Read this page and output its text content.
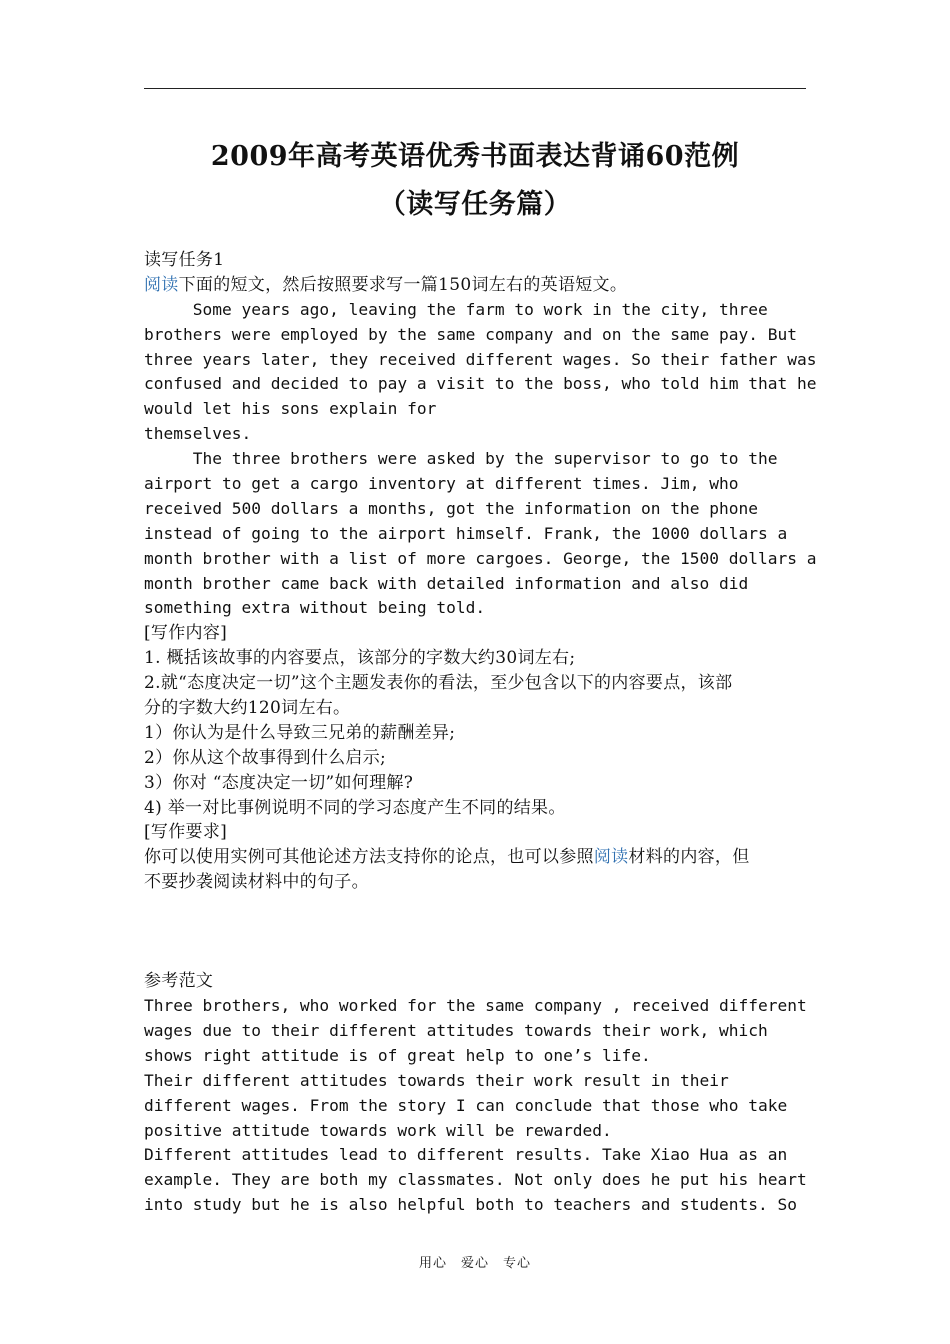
2009年高考英语优秀书面表达背诵60范例
（读写任务篇）
读写任务1
阅读下面的短文，然后按照要求写一篇150词左右的英语短文。
Some years ago, leaving the farm to work in the city, three
brothers were employed by the same company and on the same pay. But
three years later, they received different wages. So their father was
confused and decided to pay a visit to the boss, who told him that he
would let his sons explain for
themselves.
The three brothers were asked by the supervisor to go to the
airport to get a cargo inventory at different times. Jim, who
received 500 dollars a months, got the information on the phone
instead of going to the airport himself. Frank, the 1000 dollars a
month brother with a list of more cargoes. George, the 1500 dollars a
month brother came back with detailed information and also did
something extra without being told.
[写作内容]
1. 概括该故事的内容要点，该部分的字数大约30词左右;
2.就“态度决定一切”这个主题发表你的看法，至少包含以下的内容要点，该部
分的字数大约120词左右。
1）你认为是什么导致三兄弟的薪酬差异;
2）你从这个故事得到什么启示;
3）你对 “态度决定一切”如何理解?
4) 举一对比事例说明不同的学习态度产生不同的结果。
[写作要求]
你可以使用实例可其他论述方法支持你的论点，也可以参照阅读材料的内容，但
不要抄袭阅读材料中的句子。
参考范文
Three brothers, who worked for the same company , received different
wages due to their different attitudes towards their work, which
shows right attitude is of great help to one’s life.
Their different attitudes towards their work result in their
different wages. From the story I can conclude that those who take
positive attitude towards work will be rewarded.
Different attitudes lead to different results. Take Xiao Hua as an
example. They are both my classmates. Not only does he put his heart
into study but he is also helpful both to teachers and students. So
用心　爱心　专心
